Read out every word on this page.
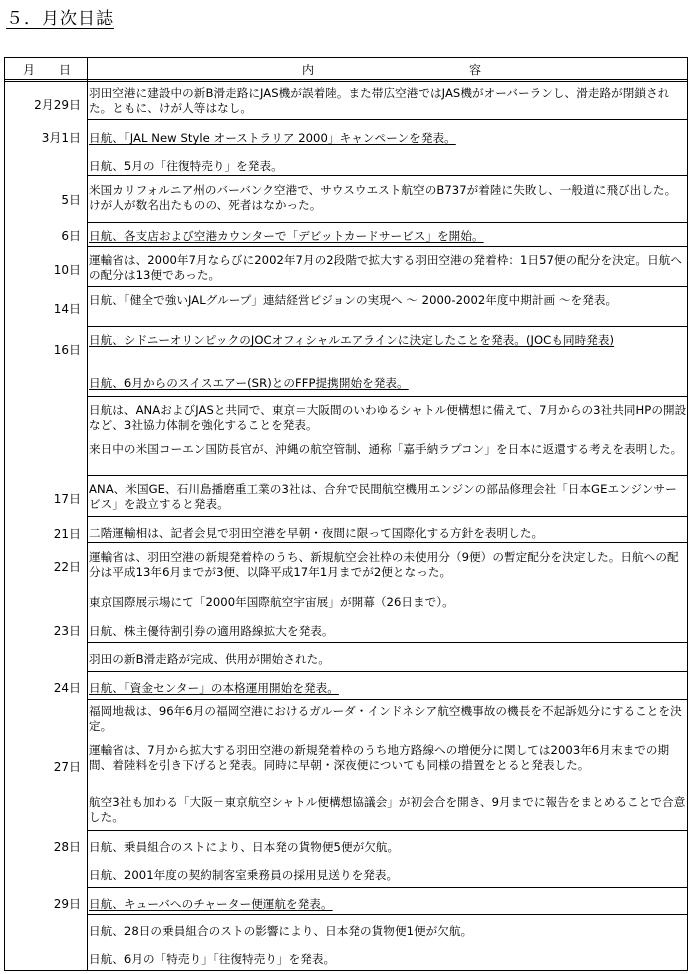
５．月次日誌
月　　日	内	容
2月29日
3月1日
5日
6日
10日
14日
16日
17日
21日
22日
23日
24日
27日
28日
29日
羽田空港に建設中の新B滑走路にJAS機が誤着陸。また帯広空港ではJAS機がオーバーランし、滑走路が閉鎖された。ともに、けが人等はなし。
日航、「JAL New Style オーストラリア 2000」キャンペーンを発表。
日航、5月の「往復特売り」を発表。
米国カリフォルニア州のバーバンク空港で、サウスウエスト航空のB737が着陸に失敗し、一般道に飛び出した。けが人が数名出たものの、死者はなかった。
日航、各支店および空港カウンターで「デビットカードサービス」を開始。
運輸省は、2000年7月ならびに2002年7月の2段階で拡大する羽田空港の発着枠：1日57便の配分を決定。日航への配分は13便であった。
日航、「健全で強いJALグループ」連結経営ビジョンの実現へ ～ 2000-2002年度中期計画 ～を発表。
日航、シドニーオリンピックのJOCオフィシャルエアラインに決定したことを発表。(JOCも同時発表)
日航、6月からのスイスエアー(SR)とのFFP提携開始を発表。
日航は、ANAおよびJASと共同で、東京＝大阪間のいわゆるシャトル便構想に備えて、7月からの3社共同HPの開設など、3社協力体制を強化することを発表。
来日中の米国コーエン国防長官が、沖縄の航空管制、通称「嘉手納ラプコン」を日本に返還する考えを表明した。
ANA、米国GE、石川島播磨重工業の3社は、合弁で民間航空機用エンジンの部品修理会社「日本GEエンジンサービス」を設立すると発表。
二階運輸相は、記者会見で羽田空港を早朝・夜間に限って国際化する方針を表明した。
運輸省は、羽田空港の新規発着枠のうち、新規航空会社枠の未使用分（9便）の暫定配分を決定した。日航への配分は平成13年6月までが3便、以降平成17年1月までが2便となった。
東京国際展示場にて「2000年国際航空宇宙展」が開幕（26日まで）。
日航、株主優待割引券の適用路線拡大を発表。
羽田の新B滑走路が完成、供用が開始された。
日航、「資金センター」の本格運用開始を発表。
福岡地裁は、96年6月の福岡空港におけるガルーダ・インドネシア航空機事故の機長を不起訴処分にすることを決定。
運輸省は、7月から拡大する羽田空港の新規発着枠のうち地方路線への増便分に関しては2003年6月末までの期間、着陸料を引き下げると発表。同時に早朝・深夜便についても同様の措置をとると発表した。
航空3社も加わる「大阪－東京航空シャトル便構想協議会」が初会合を開き、9月までに報告をまとめることで合意した。
日航、乗員組合のストにより、日本発の貨物便5便が欠航。
日航、2001年度の契約制客室乗務員の採用見送りを発表。
日航、キューバへのチャーター便運航を発表。
日航、28日の乗員組合のストの影響により、日本発の貨物便1便が欠航。
日航、6月の「特売り」「往復特売り」を発表。
